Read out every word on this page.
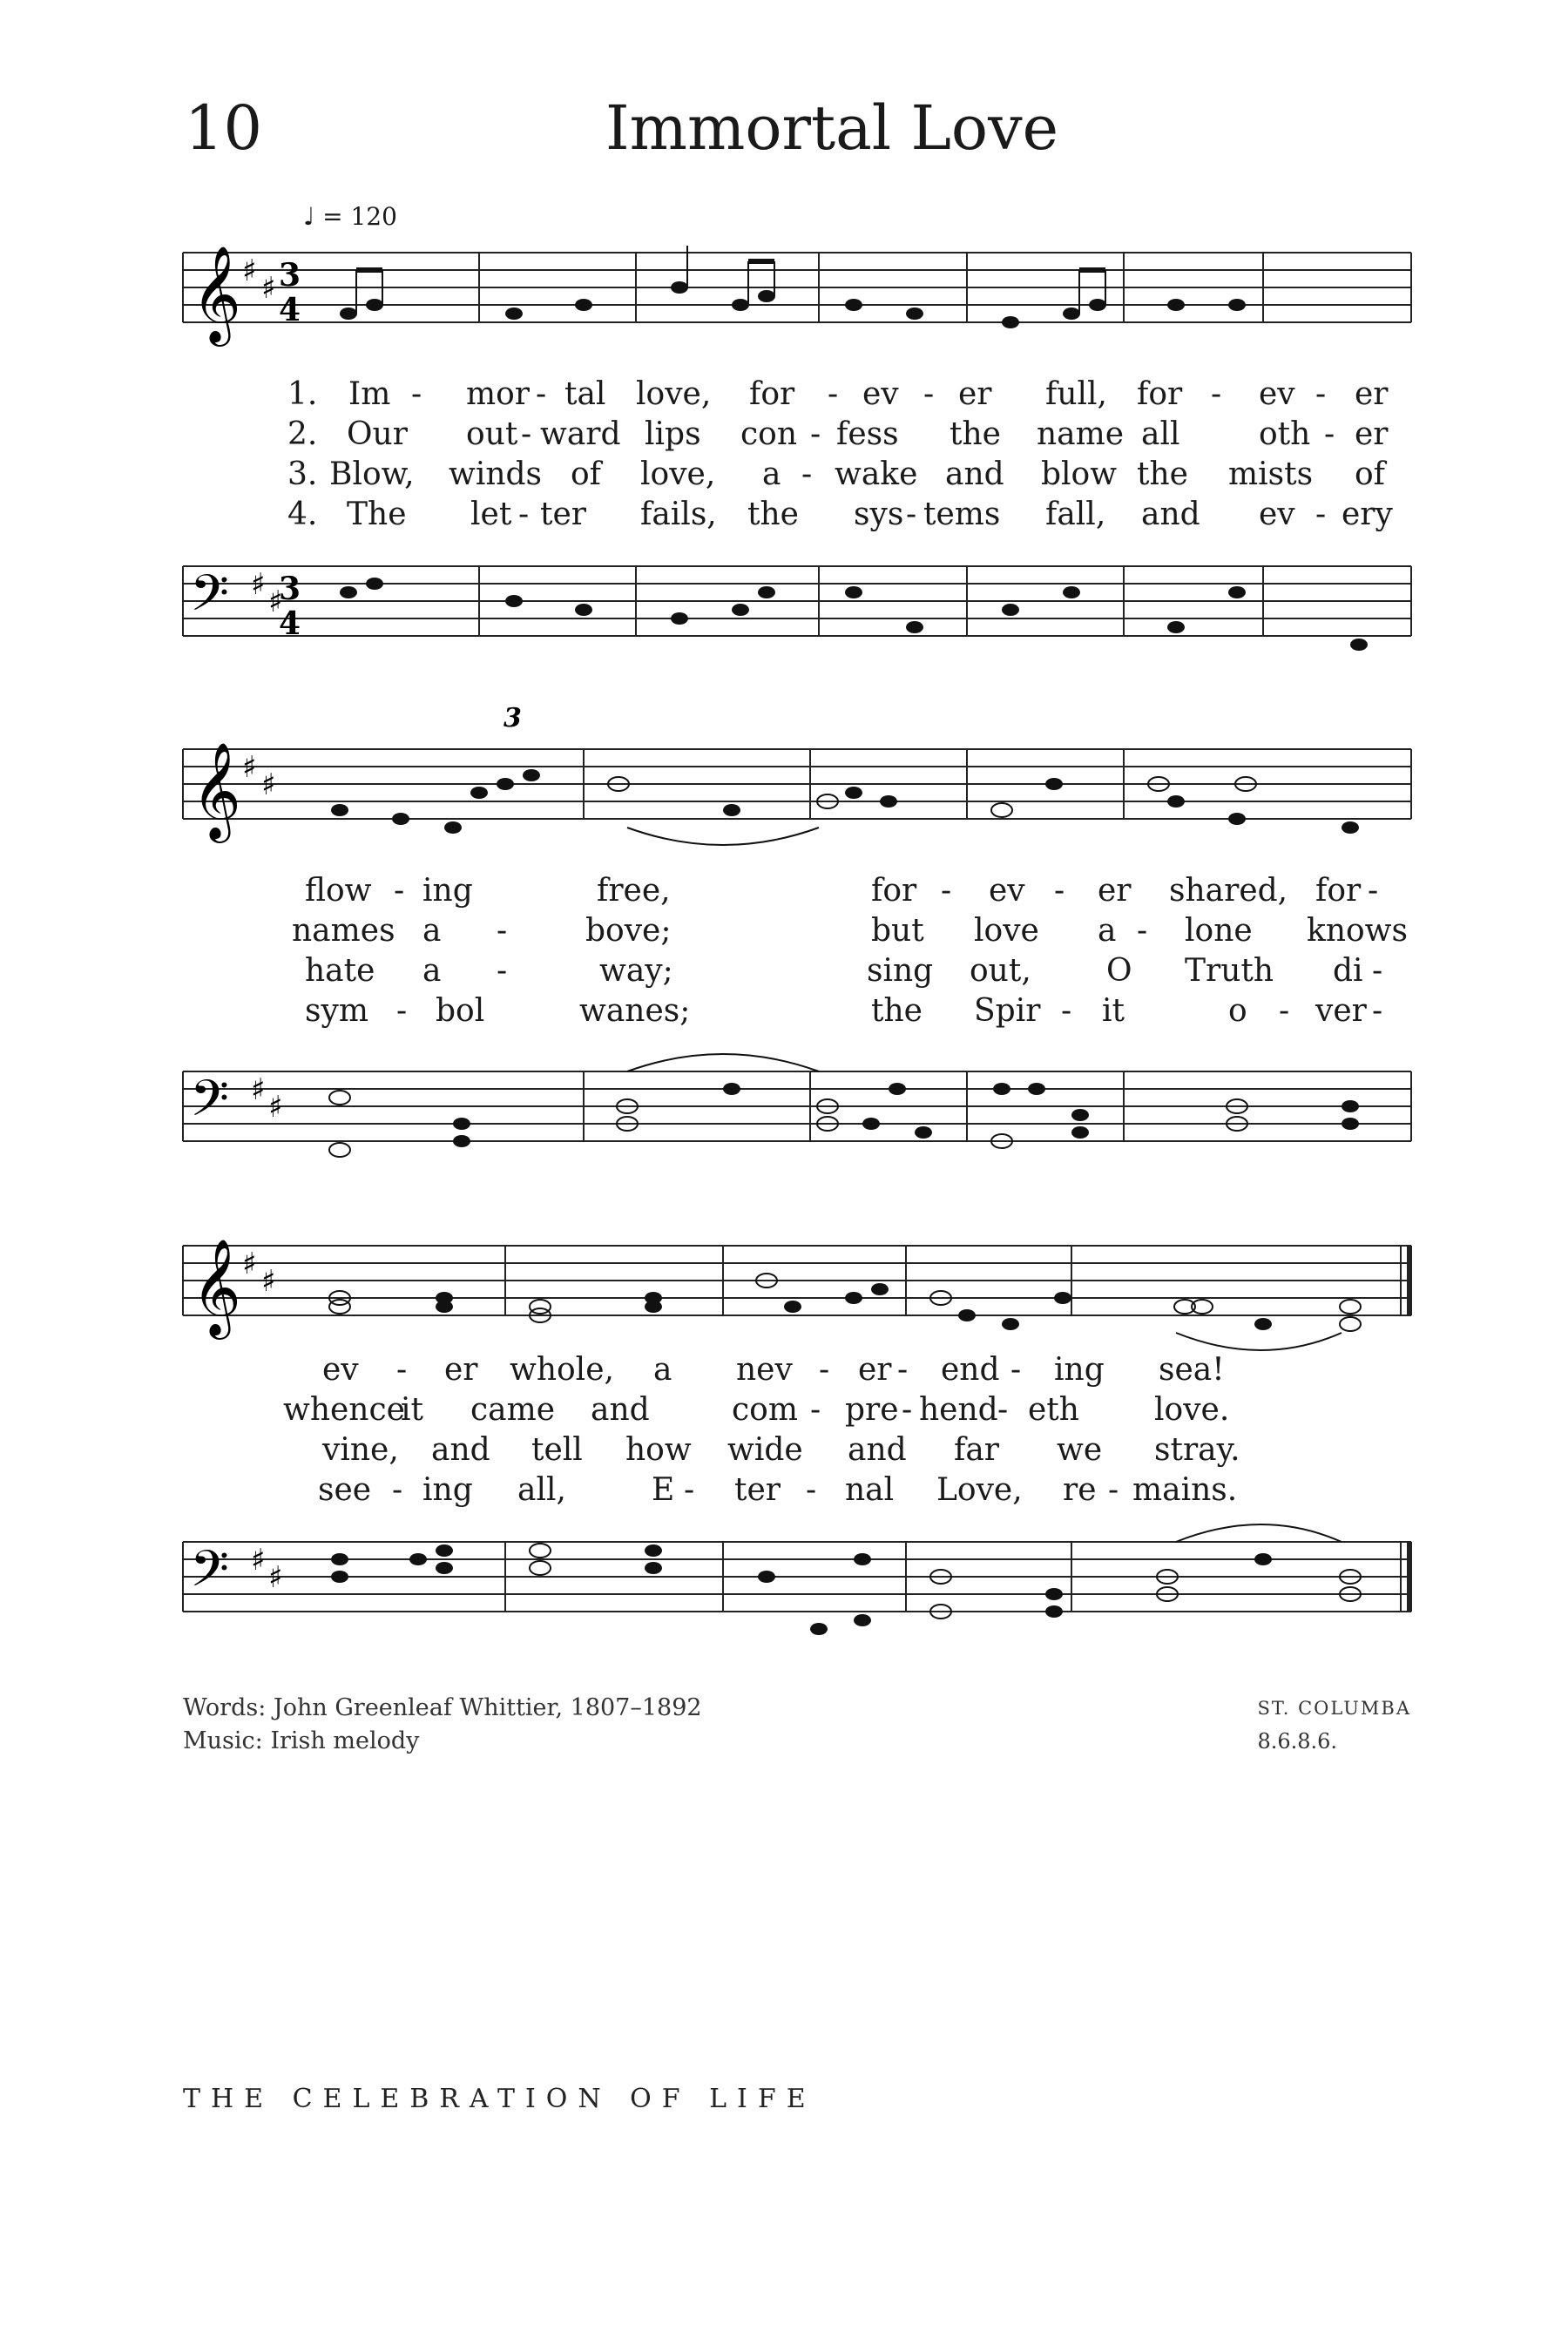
10	Immortal Love
♩ = 120
𝄞 ♯ ♯ 3
4
1. Im - mor - tal love, for - ev - er full, for - ev - er
2. Our out - ward lips con - fess the name all	oth - er
3. Blow, winds of love, a - wake and blow the mists of
4. The let - ter fails, the sys - tems fall, and ev - ery
𝄢 ♯ ♯
3
4
𝄞 ♯ ♯
3
flow - ing	free,	for - ev - er shared, for -
names a - bove;	but love a - lone knows
hate a -	way;	sing out, O Truth di -
sym - bol	wanes;	the Spir - it	o - ver -
𝄢 ♯ ♯
𝄞 ♯ ♯
ev - er whole, a nev - er - end - ing sea!
whence
it came and	com - pre - hend - eth love.
vine, and tell how wide and far we stray.
see - ing all,	E - ter - nal Love, re - mains.
𝄢 ♯ ♯
Words: John Greenleaf Whittier, 1807–1892
Music: Irish melody
ST. COLUMBA
8.6.8.6.
THE CELEBRATION OF LIFE
